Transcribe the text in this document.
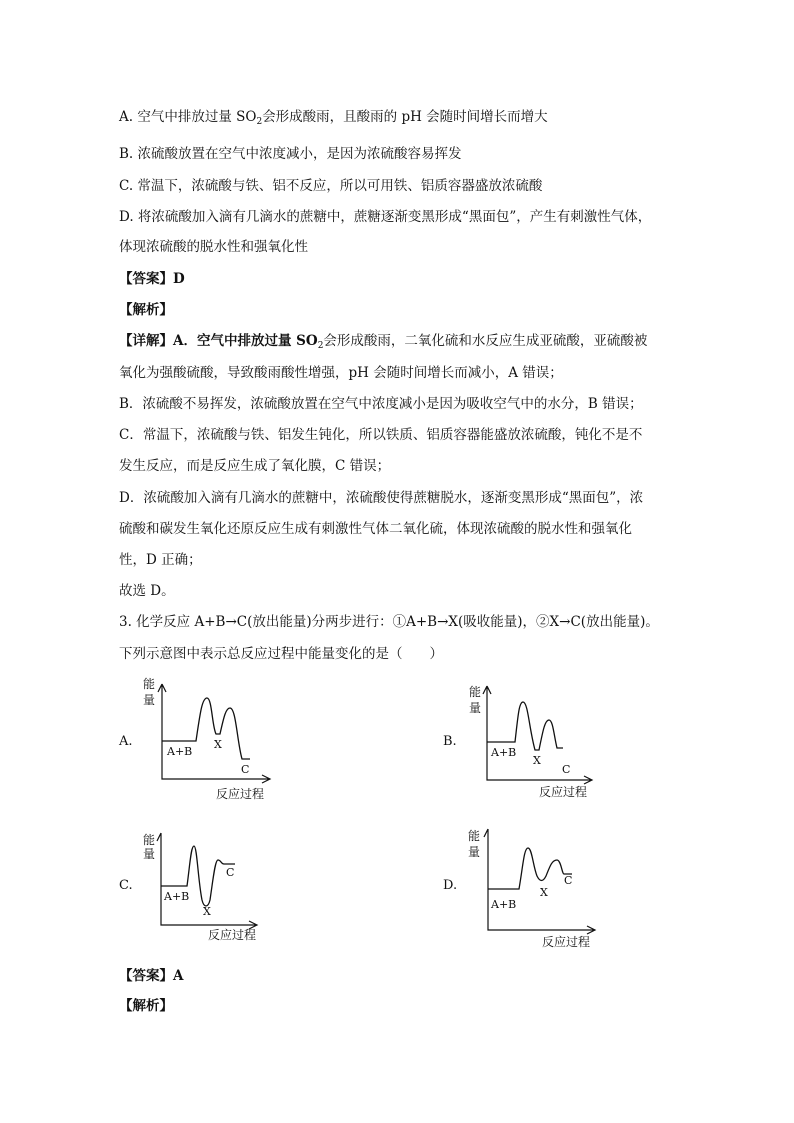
A. 空气中排放过量 $SO_2$会形成酸雨，且酸雨的 pH 会随时间增长而增大
B. 浓硫酸放置在空气中浓度减小，是因为浓硫酸容易挥发
C. 常温下，浓硫酸与铁、铝不反应，所以可用铁、铝质容器盛放浓硫酸
D. 将浓硫酸加入滴有几滴水的蔗糖中，蔗糖逐渐变黑形成“黑面包”，产生有刺激性气体，
体现浓硫酸的脱水性和强氧化性
【答案】D
【解析】
【详解】A．空气中排放过量 $SO_2$会形成酸雨，二氧化硫和水反应生成亚硫酸，亚硫酸被
氧化为强酸硫酸，导致酸雨酸性增强，pH 会随时间增长而减小，A 错误；
B．浓硫酸不易挥发，浓硫酸放置在空气中浓度减小是因为吸收空气中的水分，B 错误；
C．常温下，浓硫酸与铁、铝发生钝化，所以铁质、铝质容器能盛放浓硫酸，钝化不是不
发生反应，而是反应生成了氧化膜，C 错误；
D．浓硫酸加入滴有几滴水的蔗糖中，浓硫酸使得蔗糖脱水，逐渐变黑形成“黑面包”，浓
硫酸和碳发生氧化还原反应生成有刺激性气体二氧化硫，体现浓硫酸的脱水性和强氧化
性，D 正确；
故选 D。
3. 化学反应 A+B→C(放出能量)分两步进行：①A+B→X(吸收能量)，②X→C(放出能量)。
下列示意图中表示总反应过程中能量变化的是（　　）
A.	B.
C.	D.
能
量
A+B
X
C
反应过程
能
量
A+B
X
C
反应过程
能
量
A+B
X
C
反应过程
能
量
A+B
X
C
反应过程
【答案】A
【解析】
